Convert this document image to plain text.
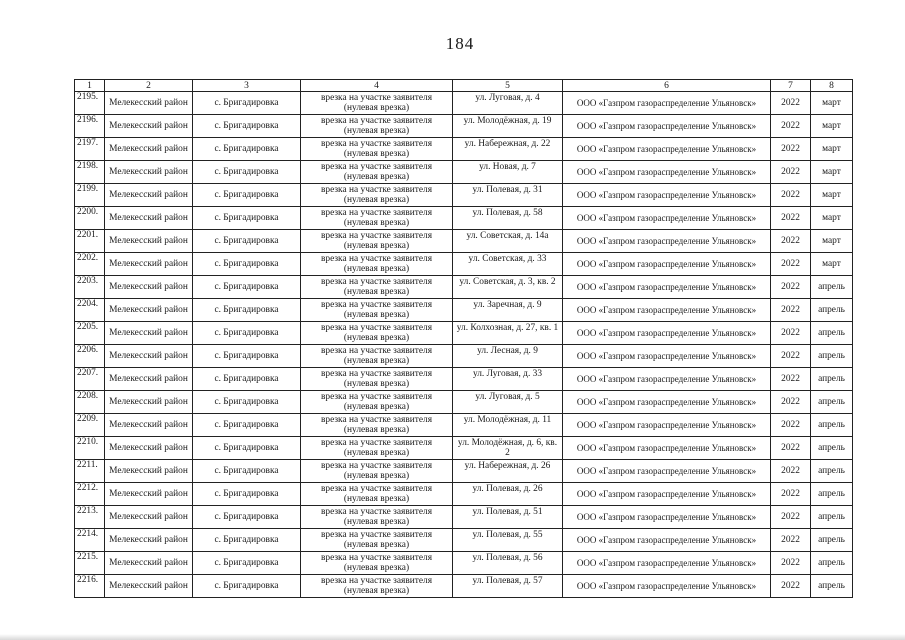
184
1	2	3	4	5	6	7	8
2195.	Мелекесский район	с. Бригадировка	врезка на участке заявителя (нулевая врезка)	ул. Луговая, д. 4	ООО «Газпром газораспределение Ульяновск»	2022	март
2196.	Мелекесский район	с. Бригадировка	врезка на участке заявителя (нулевая врезка)	ул. Молодёжная, д. 19	ООО «Газпром газораспределение Ульяновск»	2022	март
2197.	Мелекесский район	с. Бригадировка	врезка на участке заявителя (нулевая врезка)	ул. Набережная, д. 22	ООО «Газпром газораспределение Ульяновск»	2022	март
2198.	Мелекесский район	с. Бригадировка	врезка на участке заявителя (нулевая врезка)	ул. Новая, д. 7	ООО «Газпром газораспределение Ульяновск»	2022	март
2199.	Мелекесский район	с. Бригадировка	врезка на участке заявителя (нулевая врезка)	ул. Полевая, д. 31	ООО «Газпром газораспределение Ульяновск»	2022	март
2200.	Мелекесский район	с. Бригадировка	врезка на участке заявителя (нулевая врезка)	ул. Полевая, д. 58	ООО «Газпром газораспределение Ульяновск»	2022	март
2201.	Мелекесский район	с. Бригадировка	врезка на участке заявителя (нулевая врезка)	ул. Советская, д. 14а	ООО «Газпром газораспределение Ульяновск»	2022	март
2202.	Мелекесский район	с. Бригадировка	врезка на участке заявителя (нулевая врезка)	ул. Советская, д. 33	ООО «Газпром газораспределение Ульяновск»	2022	март
2203.	Мелекесский район	с. Бригадировка	врезка на участке заявителя (нулевая врезка)	ул. Советская, д. 3, кв. 2	ООО «Газпром газораспределение Ульяновск»	2022	апрель
2204.	Мелекесский район	с. Бригадировка	врезка на участке заявителя (нулевая врезка)	ул. Заречная, д. 9	ООО «Газпром газораспределение Ульяновск»	2022	апрель
2205.	Мелекесский район	с. Бригадировка	врезка на участке заявителя (нулевая врезка)	ул. Колхозная, д. 27, кв. 1	ООО «Газпром газораспределение Ульяновск»	2022	апрель
2206.	Мелекесский район	с. Бригадировка	врезка на участке заявителя (нулевая врезка)	ул. Лесная, д. 9	ООО «Газпром газораспределение Ульяновск»	2022	апрель
2207.	Мелекесский район	с. Бригадировка	врезка на участке заявителя (нулевая врезка)	ул. Луговая, д. 33	ООО «Газпром газораспределение Ульяновск»	2022	апрель
2208.	Мелекесский район	с. Бригадировка	врезка на участке заявителя (нулевая врезка)	ул. Луговая, д. 5	ООО «Газпром газораспределение Ульяновск»	2022	апрель
2209.	Мелекесский район	с. Бригадировка	врезка на участке заявителя (нулевая врезка)	ул. Молодёжная, д. 11	ООО «Газпром газораспределение Ульяновск»	2022	апрель
2210.	Мелекесский район	с. Бригадировка	врезка на участке заявителя (нулевая врезка)	ул. Молодёжная, д. 6, кв. 2	ООО «Газпром газораспределение Ульяновск»	2022	апрель
2211.	Мелекесский район	с. Бригадировка	врезка на участке заявителя (нулевая врезка)	ул. Набережная, д. 26	ООО «Газпром газораспределение Ульяновск»	2022	апрель
2212.	Мелекесский район	с. Бригадировка	врезка на участке заявителя (нулевая врезка)	ул. Полевая, д. 26	ООО «Газпром газораспределение Ульяновск»	2022	апрель
2213.	Мелекесский район	с. Бригадировка	врезка на участке заявителя (нулевая врезка)	ул. Полевая, д. 51	ООО «Газпром газораспределение Ульяновск»	2022	апрель
2214.	Мелекесский район	с. Бригадировка	врезка на участке заявителя (нулевая врезка)	ул. Полевая, д. 55	ООО «Газпром газораспределение Ульяновск»	2022	апрель
2215.	Мелекесский район	с. Бригадировка	врезка на участке заявителя (нулевая врезка)	ул. Полевая, д. 56	ООО «Газпром газораспределение Ульяновск»	2022	апрель
2216.	Мелекесский район	с. Бригадировка	врезка на участке заявителя (нулевая врезка)	ул. Полевая, д. 57	ООО «Газпром газораспределение Ульяновск»	2022	апрель
